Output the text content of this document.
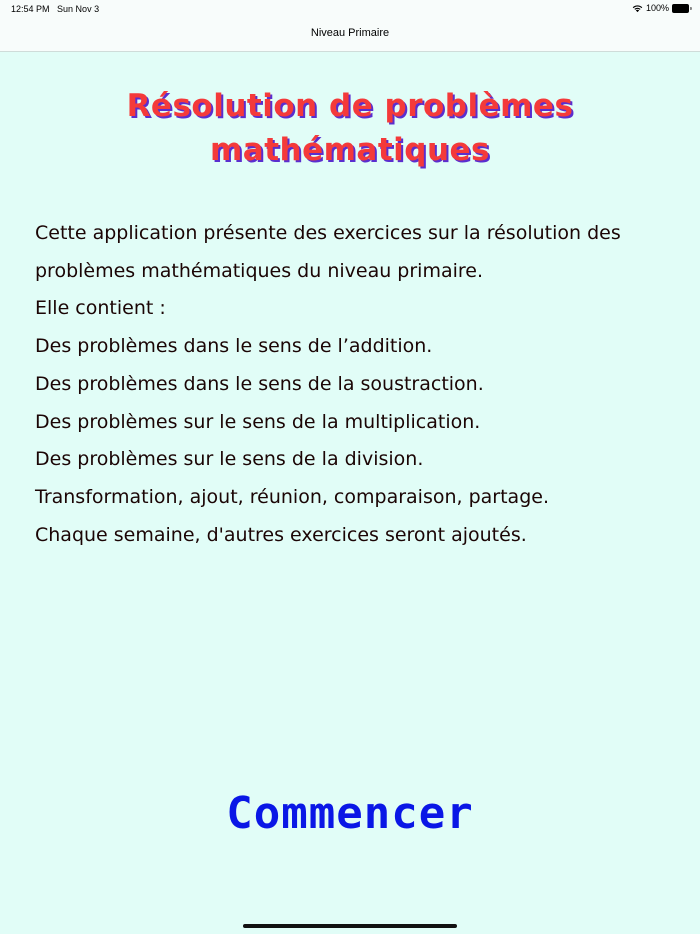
12:54 PM Sun Nov 3	100%
Niveau Primaire
Résolution de problèmes
mathématiques
Cette application présente des exercices sur la résolution des
problèmes mathématiques du niveau primaire.
Elle contient :
Des problèmes dans le sens de l’addition.
Des problèmes dans le sens de la soustraction.
Des problèmes sur le sens de la multiplication.
Des problèmes sur le sens de la division.
Transformation, ajout, réunion, comparaison, partage.
Chaque semaine, d'autres exercices seront ajoutés.
Commencer
